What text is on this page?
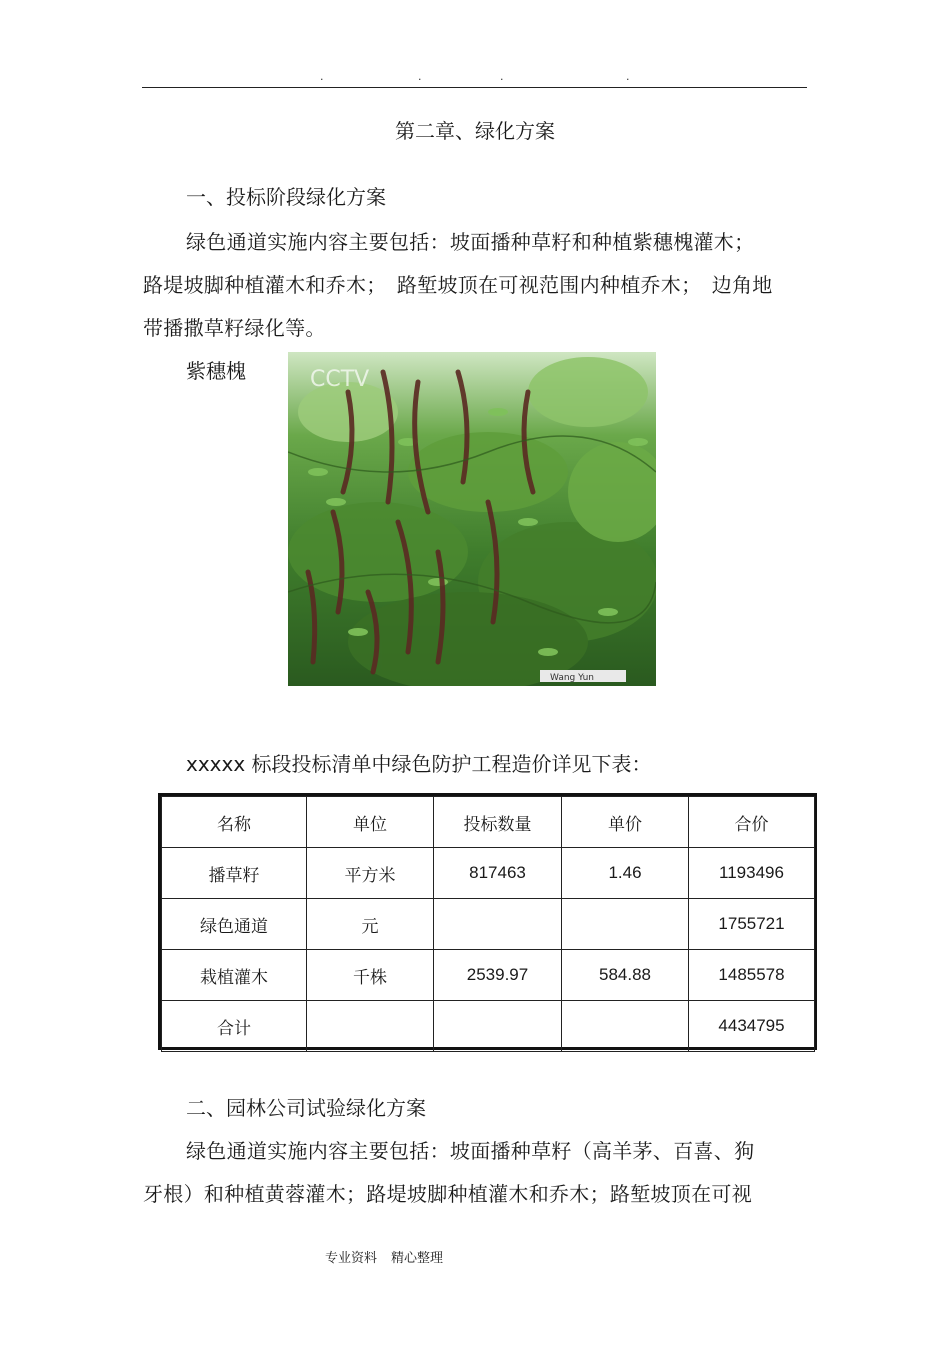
.	.	.	.
第二章、绿化方案
一、投标阶段绿化方案
绿色通道实施内容主要包括：坡面播种草籽和种植紫穗槐灌木；
路堤坡脚种植灌木和乔木；　路堑坡顶在可视范围内种植乔木；　边角地
带播撒草籽绿化等。
紫穗槐	CCTV
Wang Yun
xxxxx 标段投标清单中绿色防护工程造价详见下表：
名称	单位	投标数量	单价	合价
播草籽	平方米	817463	1.46	1193496
绿色通道	元			1755721
栽植灌木	千株	2539.97	584.88	1485578
合计				4434795
二、园林公司试验绿化方案
绿色通道实施内容主要包括：坡面播种草籽（高羊茅、百喜、狗
牙根）和种植黄蓉灌木；路堤坡脚种植灌木和乔木；路堑坡顶在可视
专业资料 精心整理
